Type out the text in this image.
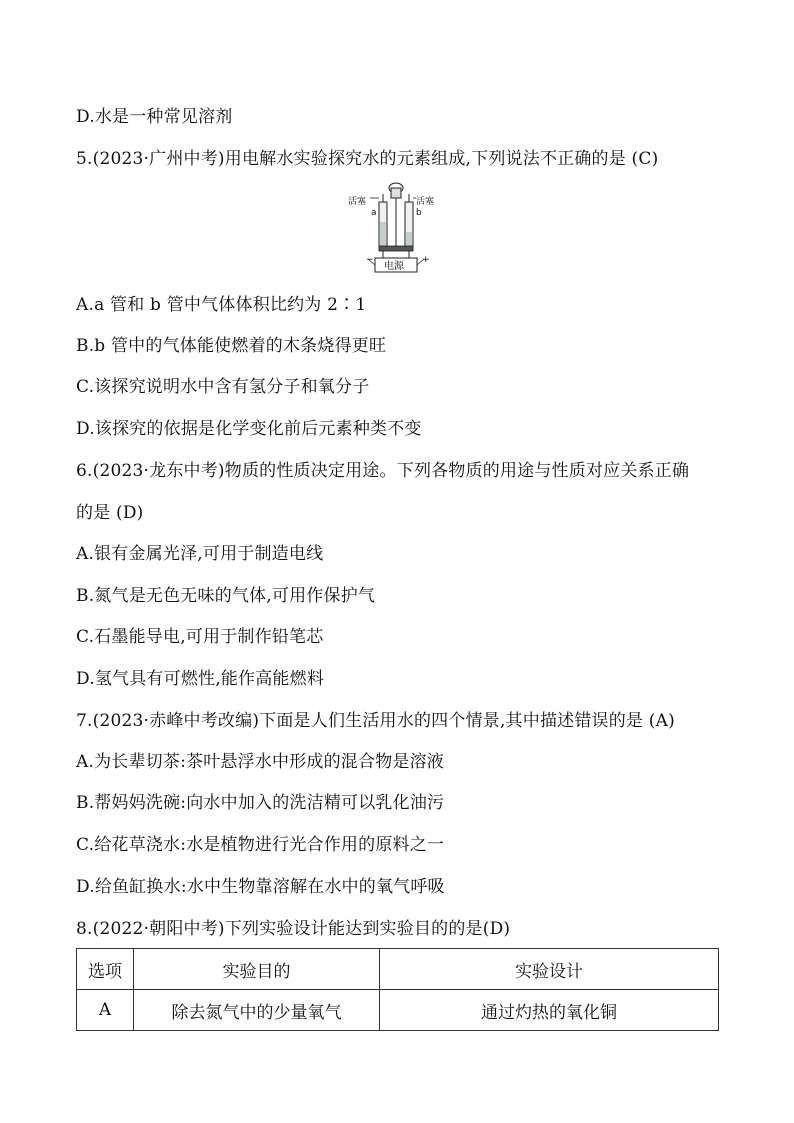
D.水是一种常见溶剂
5.(2023·广州中考)用电解水实验探究水的元素组成,下列说法不正确的是 (C)
活塞	活塞
a	b
电源
−	+
A.a 管和 b 管中气体体积比约为 2∶1
B.b 管中的气体能使燃着的木条烧得更旺
C.该探究说明水中含有氢分子和氧分子
D.该探究的依据是化学变化前后元素种类不变
6.(2023·龙东中考)物质的性质决定用途。下列各物质的用途与性质对应关系正确
的是 (D)
A.银有金属光泽,可用于制造电线
B.氮气是无色无味的气体,可用作保护气
C.石墨能导电,可用于制作铅笔芯
D.氢气具有可燃性,能作高能燃料
7.(2023·赤峰中考改编)下面是人们生活用水的四个情景,其中描述错误的是 (A)
A.为长辈切茶:茶叶悬浮水中形成的混合物是溶液
B.帮妈妈洗碗:向水中加入的洗洁精可以乳化油污
C.给花草浇水:水是植物进行光合作用的原料之一
D.给鱼缸换水:水中生物靠溶解在水中的氧气呼吸
8.(2022·朝阳中考)下列实验设计能达到实验目的的是(D)
选项	实验目的	实验设计
A	除去氮气中的少量氧气	通过灼热的氧化铜
